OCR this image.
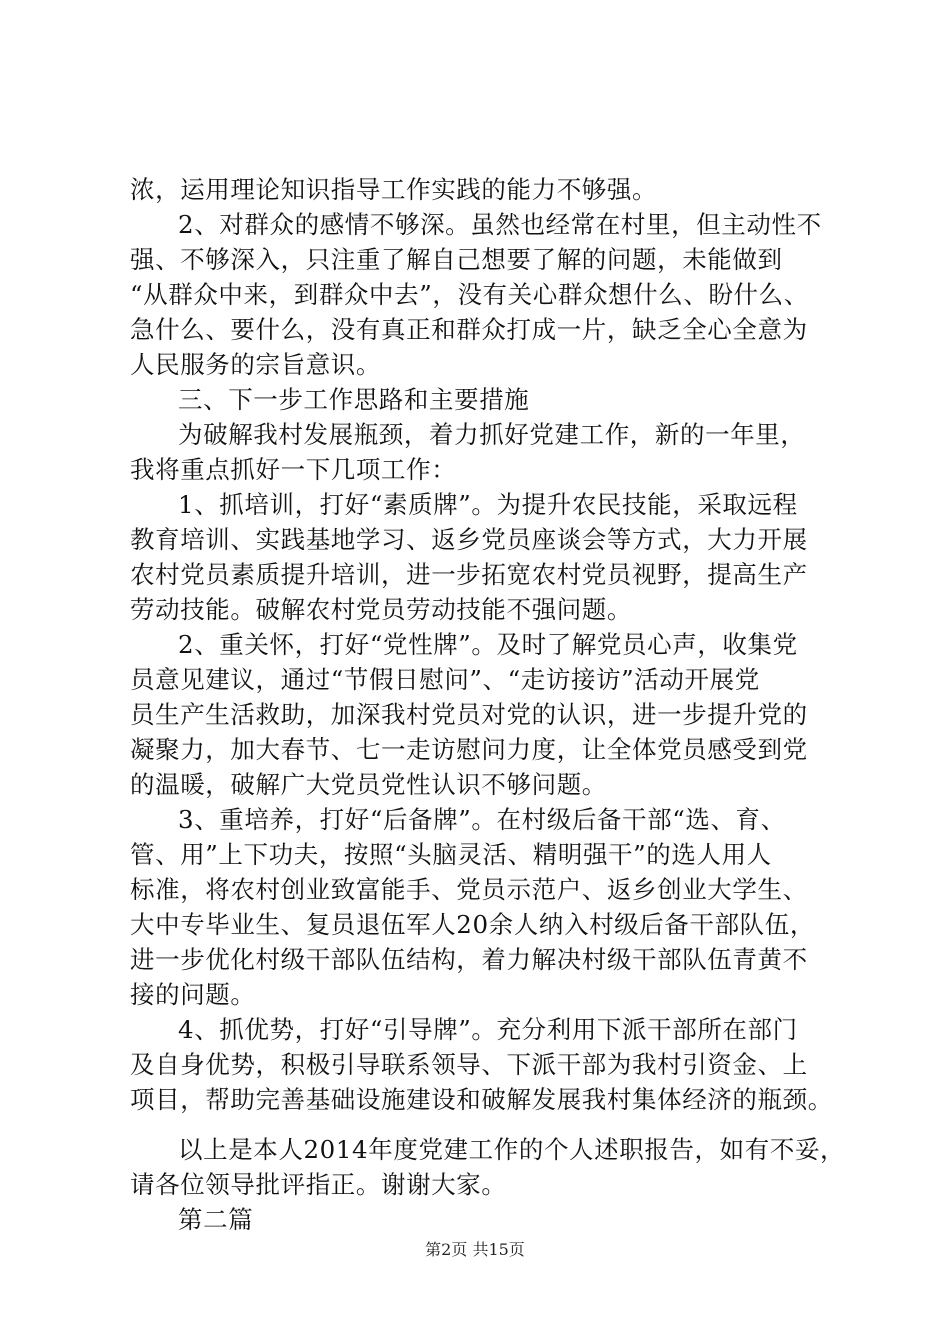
浓，运用理论知识指导工作实践的能力不够强。
2、对群众的感情不够深。虽然也经常在村里，但主动性不
强、不够深入，只注重了解自己想要了解的问题，未能做到
“从群众中来，到群众中去”，没有关心群众想什么、盼什么、
急什么、要什么，没有真正和群众打成一片，缺乏全心全意为
人民服务的宗旨意识。
三、下一步工作思路和主要措施
为破解我村发展瓶颈，着力抓好党建工作，新的一年里，
我将重点抓好一下几项工作：
1、抓培训，打好“素质牌”。为提升农民技能，采取远程
教育培训、实践基地学习、返乡党员座谈会等方式，大力开展
农村党员素质提升培训，进一步拓宽农村党员视野，提高生产
劳动技能。破解农村党员劳动技能不强问题。
2、重关怀，打好“党性牌”。及时了解党员心声，收集党
员意见建议，通过“节假日慰问”、“走访接访”活动开展党
员生产生活救助，加深我村党员对党的认识，进一步提升党的
凝聚力，加大春节、七一走访慰问力度，让全体党员感受到党
的温暖，破解广大党员党性认识不够问题。
3、重培养，打好“后备牌”。在村级后备干部“选、育、
管、用”上下功夫，按照“头脑灵活、精明强干”的选人用人
标准，将农村创业致富能手、党员示范户、返乡创业大学生、
大中专毕业生、复员退伍军人20余人纳入村级后备干部队伍，
进一步优化村级干部队伍结构，着力解决村级干部队伍青黄不
接的问题。
4、抓优势，打好“引导牌”。充分利用下派干部所在部门
及自身优势，积极引导联系领导、下派干部为我村引资金、上
项目，帮助完善基础设施建设和破解发展我村集体经济的瓶颈。
以上是本人2014年度党建工作的个人述职报告，如有不妥，
请各位领导批评指正。谢谢大家。
第二篇
第2页 共15页
